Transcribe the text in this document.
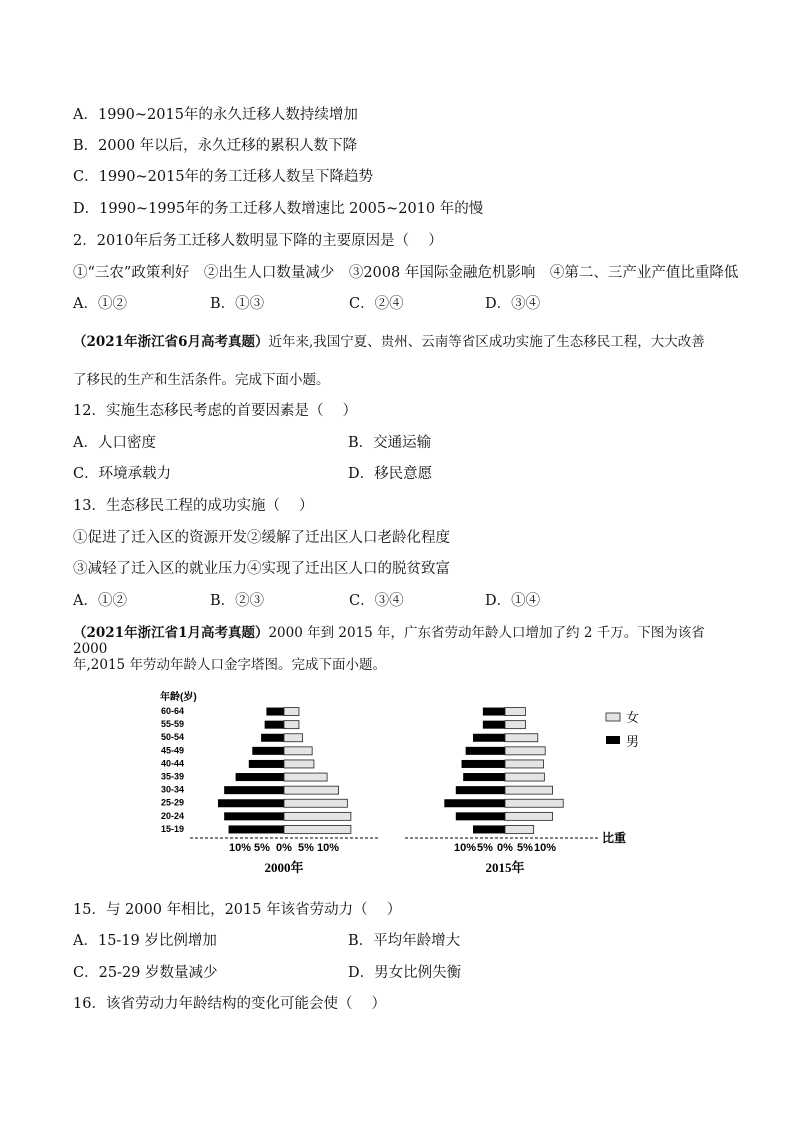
A．1990~2015年的永久迁移人数持续增加
B．2000 年以后，永久迁移的累积人数下降
C．1990~2015年的务工迁移人数呈下降趋势
D．1990~1995年的务工迁移人数增速比 2005~2010 年的慢
2．2010年后务工迁移人数明显下降的主要原因是（　 ）
①“三农”政策利好　②出生人口数量减少　③2008 年国际金融危机影响　④第二、三产业产值比重降低
A．①②	B．①③	C．②④	D．③④
（2021年浙江省6月高考真题）近年来,我国宁夏、贵州、云南等省区成功实施了生态移民工程，大大改善
了移民的生产和生活条件。完成下面小题。
12．实施生态移民考虑的首要因素是（　 ）
A．人口密度	B．交通运输
C．环境承载力	D．移民意愿
13．生态移民工程的成功实施（　 ）
①促进了迁入区的资源开发②缓解了迁出区人口老龄化程度
③减轻了迁入区的就业压力④实现了迁出区人口的脱贫致富
A．①②	B．②③	C．③④	D．①④
（2021年浙江省1月高考真题）2000 年到 2015 年，广东省劳动年龄人口增加了约 2 千万。下图为该省 2000
年,2015 年劳动年龄人口金字塔图。完成下面小题。
年龄(岁)
60-64
55-59
50-54
45-49
40-44
35-39
30-34
25-29
20-24
15-19
10% 5% 0% 5% 10%
2000年
10% 5% 0% 5% 10%
2015年
比重
女
男
15．与 2000 年相比，2015 年该省劳动力（　 ）
A．15-19 岁比例增加	B．平均年龄增大
C．25-29 岁数量减少	D．男女比例失衡
16．该省劳动力年龄结构的变化可能会使（　 ）
